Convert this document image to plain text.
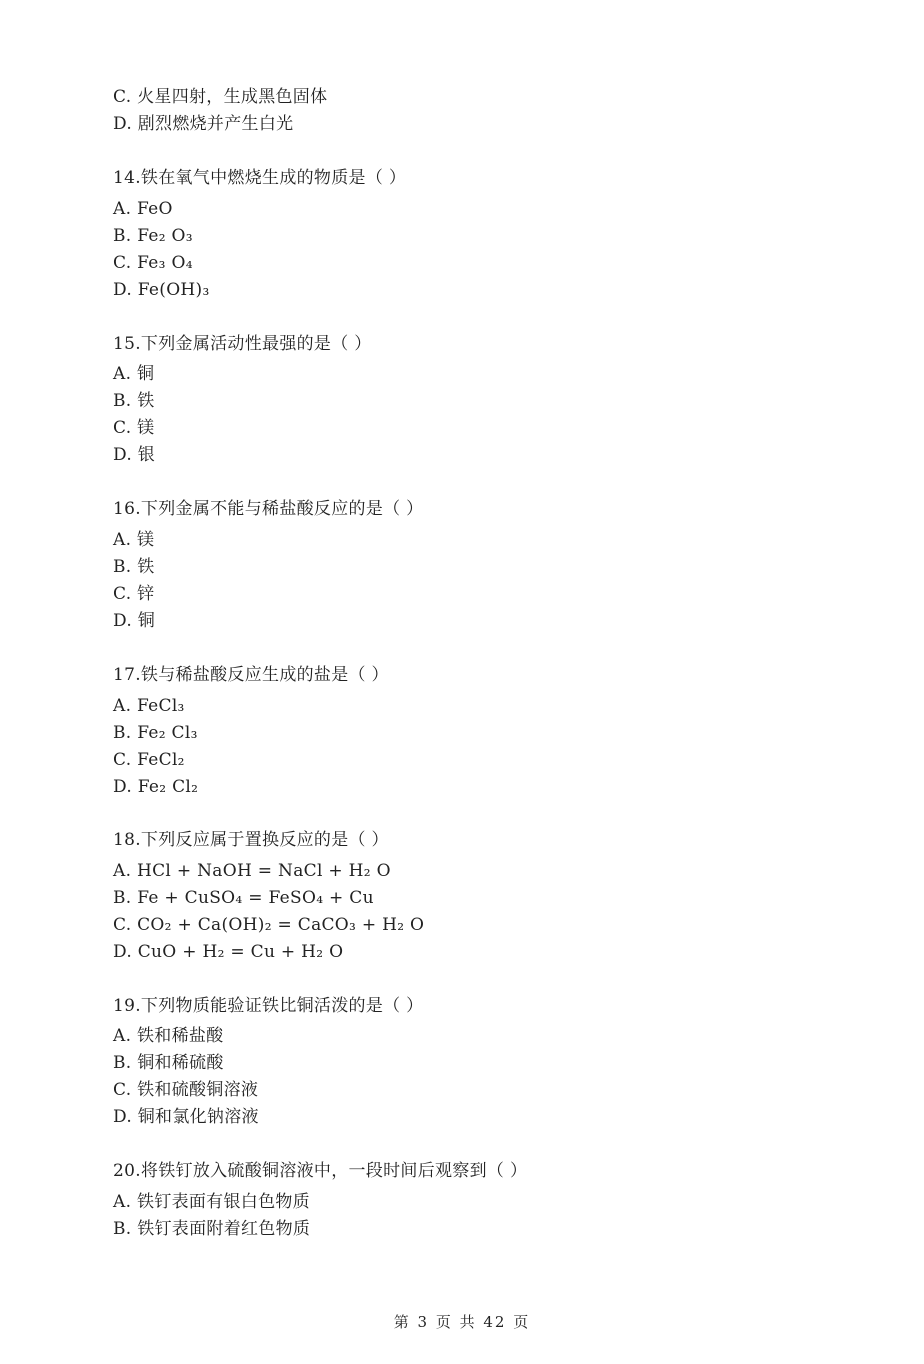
C. 火星四射，生成黑色固体
D. 剧烈燃烧并产生白光
14.铁在氧气中燃烧生成的物质是（ ）
A. FeO
B. Fe₂ O₃
C. Fe₃ O₄
D. Fe(OH)₃
15.下列金属活动性最强的是（ ）
A. 铜
B. 铁
C. 镁
D. 银
16.下列金属不能与稀盐酸反应的是（ ）
A. 镁
B. 铁
C. 锌
D. 铜
17.铁与稀盐酸反应生成的盐是（ ）
A. FeCl₃
B. Fe₂ Cl₃
C. FeCl₂
D. Fe₂ Cl₂
18.下列反应属于置换反应的是（ ）
A. HCl + NaOH = NaCl + H₂ O
B. Fe + CuSO₄ = FeSO₄ + Cu
C. CO₂ + Ca(OH)₂ = CaCO₃ + H₂ O
D. CuO + H₂ = Cu + H₂ O
19.下列物质能验证铁比铜活泼的是（ ）
A. 铁和稀盐酸
B. 铜和稀硫酸
C. 铁和硫酸铜溶液
D. 铜和氯化钠溶液
20.将铁钉放入硫酸铜溶液中，一段时间后观察到（ ）
A. 铁钉表面有银白色物质
B. 铁钉表面附着红色物质
第 3 页 共 42 页
